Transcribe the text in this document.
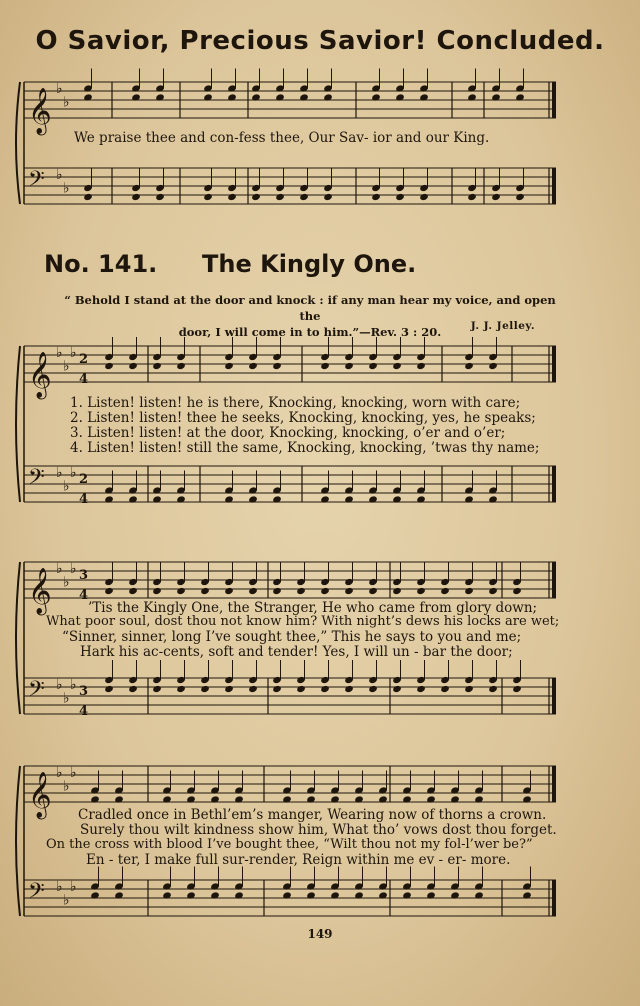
𝄞
𝄢
♭
♭
♭
♭
𝄞
𝄢
♭
♭
♭
♭
♭
♭
2
4
2
4
𝄞
𝄢
♭
♭
♭
♭
♭
♭
3
4
3
4
𝄞
𝄢
♭
♭
♭
♭
♭
♭
O Savior, Precious Savior! Concluded.
We praise thee and con-fess thee, Our Sav- ior and our King.
No. 141. The Kingly One.
“ Behold I stand at the door and knock : if any man hear my voice, and open the
door, I will come in to him.”—Rev. 3 : 20.	J. J. Jelley.
1. Listen! listen! he is there, Knocking, knocking, worn with care;
2. Listen! listen! thee he seeks, Knocking, knocking, yes, he speaks;
3. Listen! listen! at the door, Knocking, knocking, o’er and o’er;
4. Listen! listen! still the same, Knocking, knocking, ’twas thy name;
’Tis the Kingly One, the Stranger, He who came from glory down;
What poor soul, dost thou not know him? With night’s dews his locks are wet;
“Sinner, sinner, long I’ve sought thee,” This he says to you and me;
Hark his ac-cents, soft and tender! Yes, I will un - bar the door;
Cradled once in Bethl’em’s manger, Wearing now of thorns a crown.
Surely thou wilt kindness show him, What tho’ vows dost thou forget.
On the cross with blood I’ve bought thee, “Wilt thou not my fol-l’wer be?”
En - ter, I make full sur-render, Reign within me ev - er- more.
149
